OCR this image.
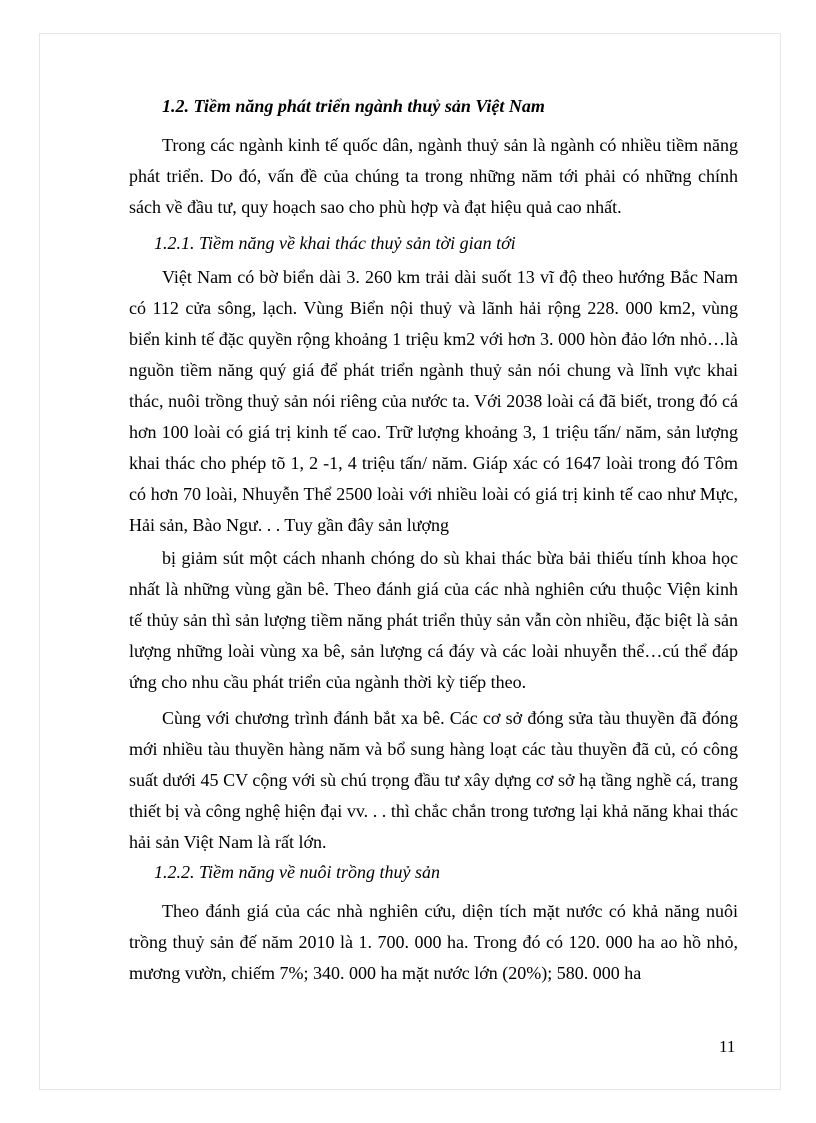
1.2. Tiềm năng phát triển ngành thuỷ sản Việt Nam
Trong các ngành kinh tế quốc dân, ngành thuỷ sản là ngành có nhiều tiềm năng phát triển. Do đó, vấn đề của chúng ta trong những năm tới phải có những chính sách về đầu tư, quy hoạch sao cho phù hợp và đạt hiệu quả cao nhất.
1.2.1. Tiềm năng về khai thác thuỷ sản tời gian tới
Việt Nam có bờ biển dài 3. 260 km trải dài suốt 13 vĩ độ theo hướng Bắc Nam có 112 cửa sông, lạch. Vùng Biển nội thuỷ và lãnh hải rộng 228. 000 km2, vùng biển kinh tế đặc quyền rộng khoảng 1 triệu km2 với hơn 3. 000 hòn đảo lớn nhỏ…là nguồn tiềm năng quý giá để phát triển ngành thuỷ sản nói chung và lĩnh vực khai thác, nuôi trồng thuỷ sản nói riêng của nước ta. Với 2038 loài cá đã biết, trong đó cá hơn 100 loài có giá trị kinh tế cao. Trữ lượng khoảng 3, 1 triệu tấn/ năm, sản lượng khai thác cho phép tõ 1, 2 -1, 4 triệu tấn/ năm. Giáp xác có 1647 loài trong đó Tôm có hơn 70 loài, Nhuyễn Thể 2500 loài với nhiều loài có giá trị kinh tế cao như Mực, Hải sản, Bào Ngư. . . Tuy gần đây sản lượng
bị giảm sút một cách nhanh chóng do sù khai thác bừa bải thiếu tính khoa học nhất là những vùng gần bê. Theo đánh giá của các nhà nghiên cứu thuộc Viện kinh tế thủy sản thì sản lượng tiềm năng phát triển thủy sản vẫn còn nhiều, đặc biệt là sản lượng những loài vùng xa bê, sản lượng cá đáy và các loài nhuyễn thể…cú thể đáp ứng cho nhu cầu phát triển của ngành thời kỳ tiếp theo.
Cùng với chương trình đánh bắt xa bê. Các cơ sở đóng sửa tàu thuyền đã đóng mới nhiều tàu thuyền hàng năm và bổ sung hàng loạt các tàu thuyền đã củ, có công suất dưới 45 CV cộng với sù chú trọng đầu tư xây dựng cơ sở hạ tầng nghề cá, trang thiết bị và công nghệ hiện đại vv. . . thì chắc chắn trong tương lại khả năng khai thác hải sản Việt Nam là rất lớn.
1.2.2. Tiềm năng về nuôi trồng thuỷ sản
Theo đánh giá của các nhà nghiên cứu, diện tích mặt nước có khả năng nuôi trồng thuỷ sản đế năm 2010 là 1. 700. 000 ha. Trong đó có 120. 000 ha ao hồ nhỏ, mương vườn, chiếm 7%; 340. 000 ha mặt nước lớn (20%); 580. 000 ha
11
